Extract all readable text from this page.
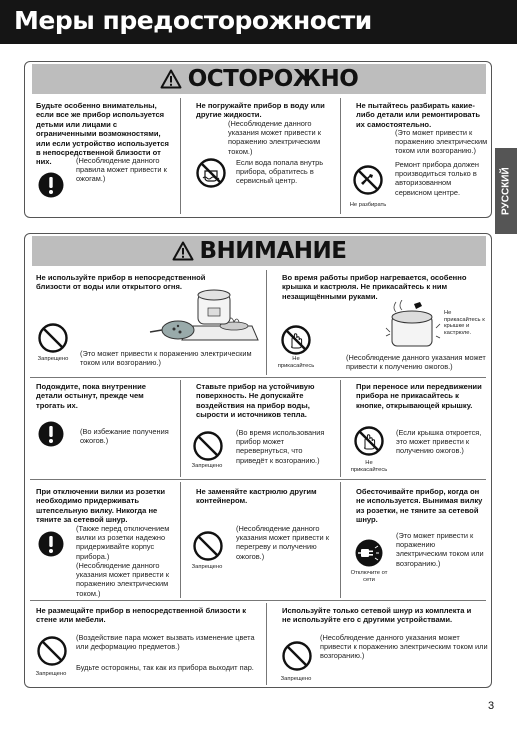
Меры предосторожности
РУССКИЙ
ОСТОРОЖНО
Будьте особенно внимательны, если все же прибор используется детьми или лицами с ограниченными возможностями, или если устройство используется в непосредственной близости от них.	(Несоблюдение данного правила может привести к ожогам.)
Не погружайте прибор в воду или другие жидкости.
(Несоблюдение данного указания может привести к поражению электрическим током.)
Если вода попала внутрь прибора, обратитесь в сервисный центр.
Не пытайтесь разбирать какие-либо детали или ремонтировать их самостоятельно.
(Это может привести к поражению электрическим током или возгоранию.)
Ремонт прибора должен производиться только в авторизованном сервисном центре.
Не разбирать
ВНИМАНИЕ
Не используйте прибор в непосредственной близости от воды или открытого огня.
Запрещено
(Это может привести к поражению электрическим током или возгоранию.)
Во время работы прибор нагревается, особенно крышка и кастрюля. Не прикасайтесь к ним незащищёнными руками.
Не прикасайтесь
Не прикасайтесь к крышке и кастрюле.
(Несоблюдение данного указания может привести к получению ожогов.)
Подождите, пока внутренние детали остынут, прежде чем трогать их.
(Во избежание получения ожогов.)
Ставьте прибор на устойчивую поверхность. Не допускайте воздействия на прибор воды, сырости и источников тепла.
Запрещено
(Во время использования прибор может перевернуться, что приведёт к возгоранию.)
При переносе или передвижении прибора не прикасайтесь к кнопке, открывающей крышку.
Не прикасайтесь
(Если крышка откроется, это может привести к получению ожогов.)
При отключении вилки из розетки необходимо придерживать штепсельную вилку. Никогда не тяните за сетевой шнур.
(Также перед отключением вилки из розетки надежно придерживайте корпус прибора.)
(Несоблюдение данного указания может привести к поражению электрическим током.)
Не заменяйте кастрюлю другим контейнером.
Запрещено
(Несоблюдение данного указания может привести к перегреву и получению ожогов.)
Обесточивайте прибор, когда он не используется. Вынимая вилку из розетки, не тяните за сетевой шнур.
Отключите от сети
(Это может привести к поражению электрическим током или возгоранию.)
Не размещайте прибор в непосредственной близости к стене или мебели.
Запрещено
(Воздействие пара может вызвать изменение цвета или деформацию предметов.)
Будьте осторожны, так как из прибора выходит пар.
Используйте только сетевой шнур из комплекта и не используйте его с другими устройствами.
Запрещено
(Несоблюдение данного указания может привести к поражению электрическим током или возгоранию.)
3
